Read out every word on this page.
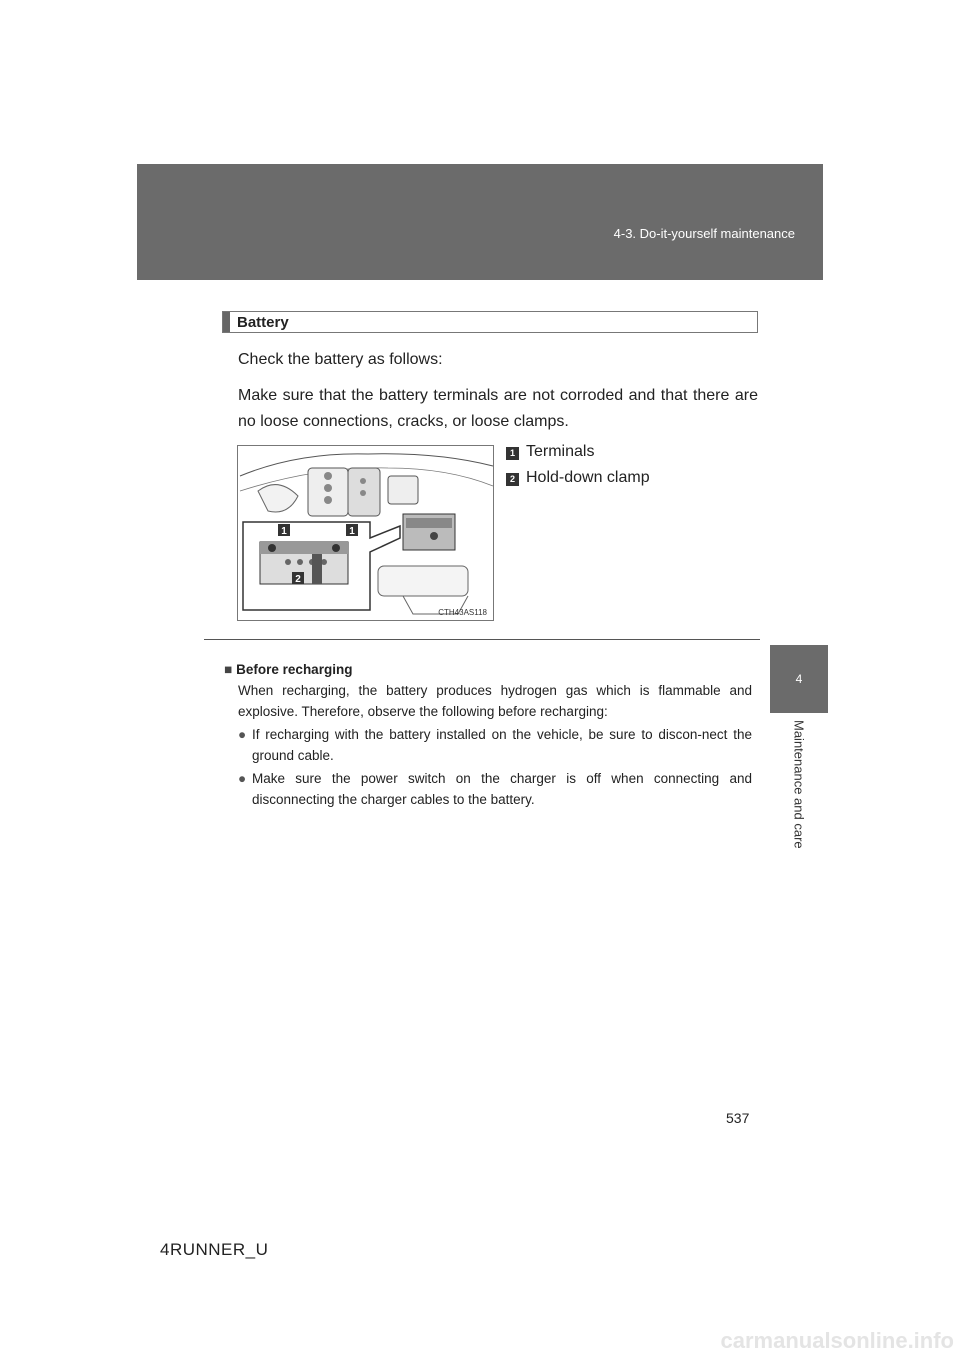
4-3. Do-it-yourself maintenance
4
Maintenance and care
Battery
Check the battery as follows:
Make sure that the battery terminals are not corroded and that there are no loose connections, cracks, or loose clamps.
1	1
2
CTH43AS118
1 Terminals
2 Hold-down clamp
■ Before recharging
When recharging, the battery produces hydrogen gas which is flammable and explosive. Therefore, observe the following before recharging:
● If recharging with the battery installed on the vehicle, be sure to discon-nect the ground cable.
● Make sure the power switch on the charger is off when connecting and disconnecting the charger cables to the battery.
537
4RUNNER_U
carmanualsonline.info
